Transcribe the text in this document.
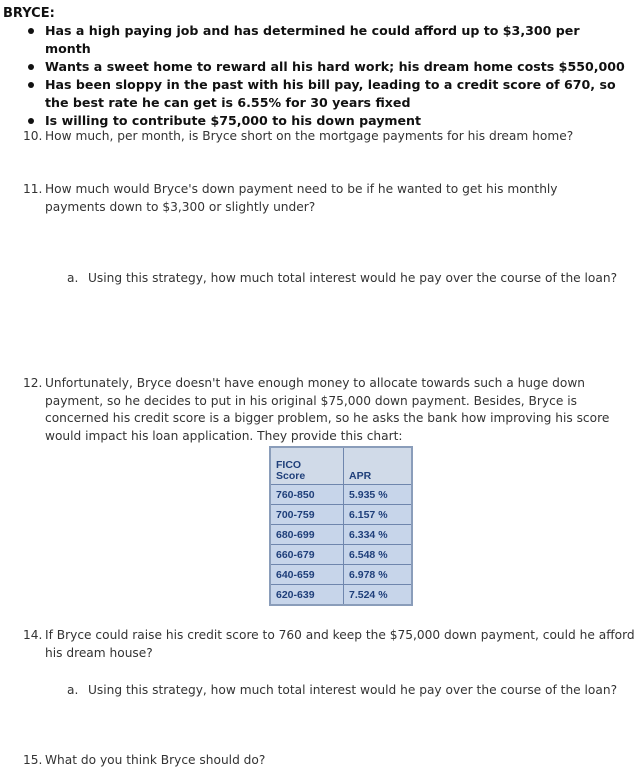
BRYCE:
Has a high paying job and has determined he could afford up to $3,300 per month
Wants a sweet home to reward all his hard work; his dream home costs $550,000
Has been sloppy in the past with his bill pay, leading to a credit score of 670, so the best rate he can get is 6.55% for 30 years fixed
Is willing to contribute $75,000 to his down payment
10. How much, per month, is Bryce short on the mortgage payments for his dream home?
11. How much would Bryce's down payment need to be if he wanted to get his monthly payments down to $3,300 or slightly under?
a. Using this strategy, how much total interest would he pay over the course of the loan?
12. Unfortunately, Bryce doesn't have enough money to allocate towards such a huge down payment, so he decides to put in his original $75,000 down payment. Besides, Bryce is concerned his credit score is a bigger problem, so he asks the bank how improving his score would impact his loan application. They provide this chart:
FICO Score	APR
760-850	5.935 %
700-759	6.157 %
680-699	6.334 %
660-679	6.548 %
640-659	6.978 %
620-639	7.524 %
14. If Bryce could raise his credit score to 760 and keep the $75,000 down payment, could he afford his dream house?
a. Using this strategy, how much total interest would he pay over the course of the loan?
15. What do you think Bryce should do?
